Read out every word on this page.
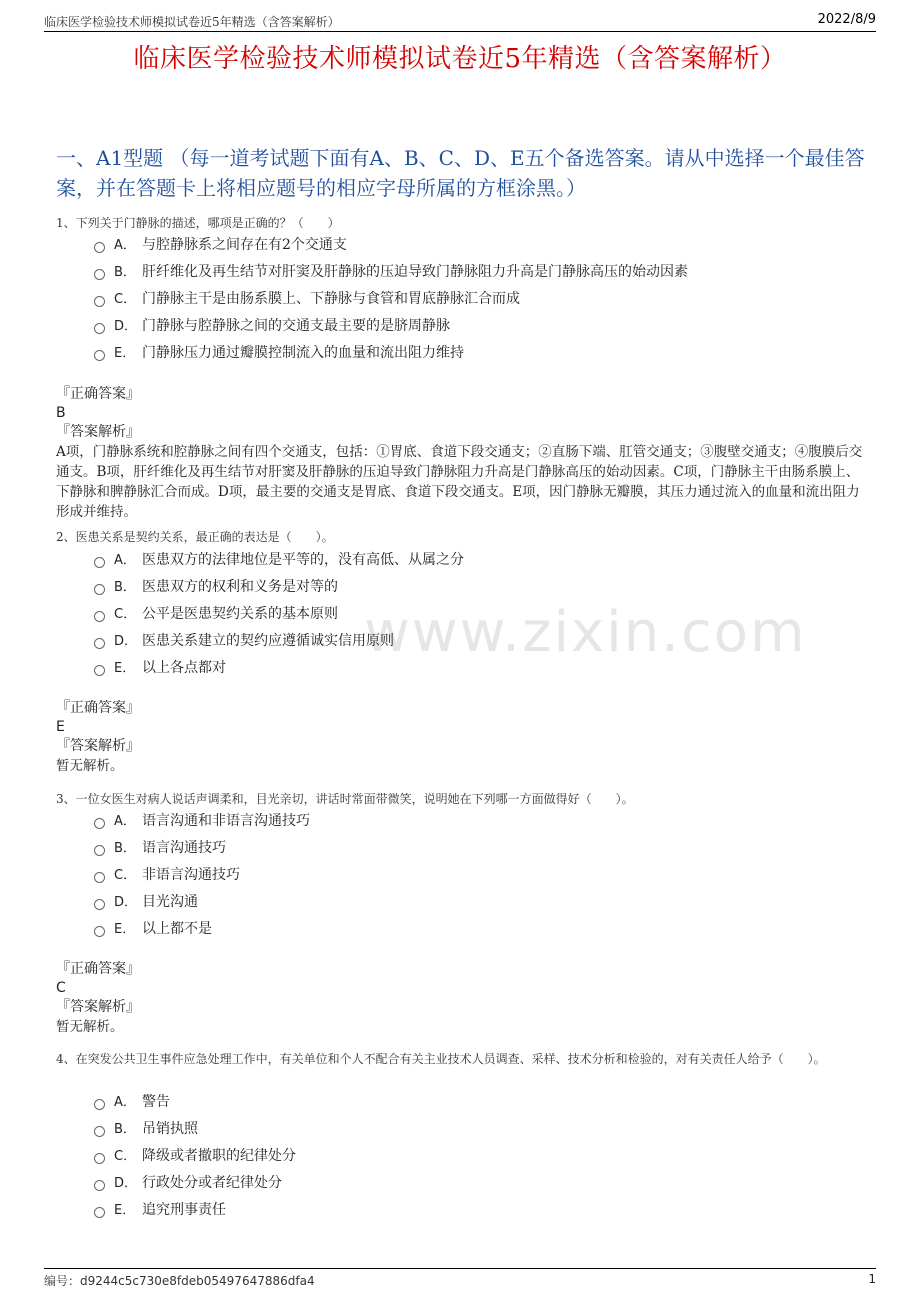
临床医学检验技术师模拟试卷近5年精选（含答案解析）	2022/8/9
临床医学检验技术师模拟试卷近5年精选（含答案解析）
一、A1型题 （每一道考试题下面有A、B、C、D、E五个备选答案。请从中选择一个最佳答案，并在答题卡上将相应题号的相应字母所属的方框涂黑。）
www.zixin.com
1、下列关于门静脉的描述，哪项是正确的？（　　）
A． 与腔静脉系之间存在有2个交通支
B． 肝纤维化及再生结节对肝窦及肝静脉的压迫导致门静脉阻力升高是门静脉高压的始动因素
C． 门静脉主干是由肠系膜上、下静脉与食管和胃底静脉汇合而成
D． 门静脉与腔静脉之间的交通支最主要的是脐周静脉
E． 门静脉压力通过瓣膜控制流入的血量和流出阻力维持
『正确答案』
B
『答案解析』
A项，门静脉系统和腔静脉之间有四个交通支，包括：①胃底、食道下段交通支；②直肠下端、肛管交通支；③腹壁交通支；④腹膜后交通支。B项，肝纤维化及再生结节对肝窦及肝静脉的压迫导致门静脉阻力升高是门静脉高压的始动因素。C项，门静脉主干由肠系膜上、下静脉和脾静脉汇合而成。D项，最主要的交通支是胃底、食道下段交通支。E项，因门静脉无瓣膜，其压力通过流入的血量和流出阻力形成并维持。
2、医患关系是契约关系，最正确的表达是（　　）。
A． 医患双方的法律地位是平等的，没有高低、从属之分
B． 医患双方的权利和义务是对等的
C． 公平是医患契约关系的基本原则
D． 医患关系建立的契约应遵循诚实信用原则
E． 以上各点都对
『正确答案』
E
『答案解析』
暂无解析。
3、一位女医生对病人说话声调柔和，目光亲切，讲话时常面带微笑，说明她在下列哪一方面做得好（　　）。
A． 语言沟通和非语言沟通技巧
B． 语言沟通技巧
C． 非语言沟通技巧
D． 目光沟通
E． 以上都不是
『正确答案』
C
『答案解析』
暂无解析。
4、在突发公共卫生事件应急处理工作中，有关单位和个人不配合有关主业技术人员调查、采样、技术分析和检验的，对有关责任人给予（　　）。
A． 警告
B． 吊销执照
C． 降级或者撤职的纪律处分
D． 行政处分或者纪律处分
E． 追究刑事责任
编号：d9244c5c730e8fdeb05497647886dfa4	1
